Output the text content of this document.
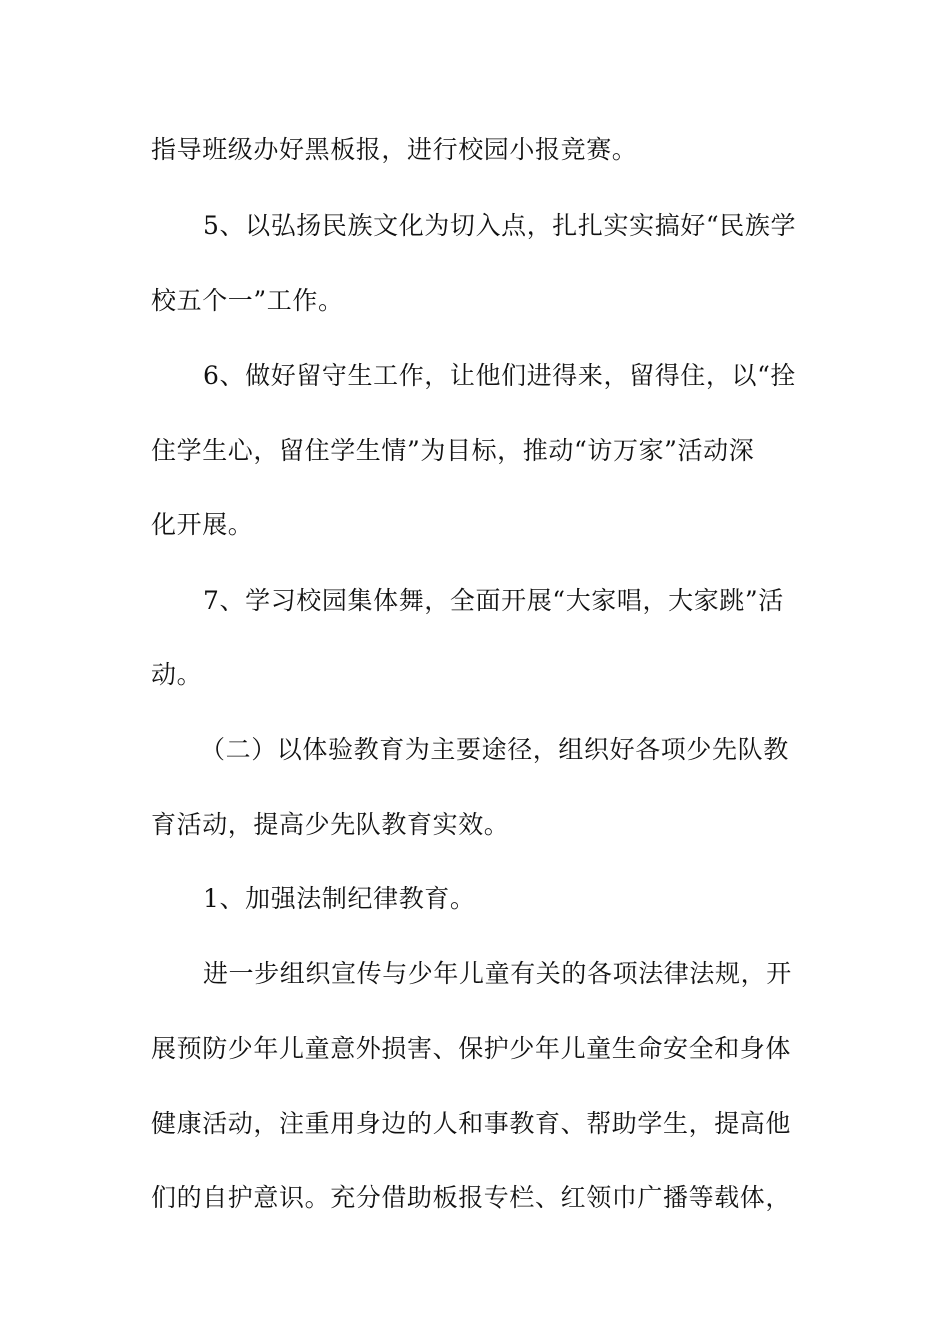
指导班级办好黑板报，进行校园小报竞赛。
5、以弘扬民族文化为切入点，扎扎实实搞好“民族学
校五个一”工作。
6、做好留守生工作，让他们进得来，留得住，以“拴
住学生心，留住学生情”为目标，推动“访万家”活动深
化开展。
7、学习校园集体舞，全面开展“大家唱，大家跳”活
动。
（二）以体验教育为主要途径，组织好各项少先队教
育活动，提高少先队教育实效。
1、加强法制纪律教育。
进一步组织宣传与少年儿童有关的各项法律法规，开
展预防少年儿童意外损害、保护少年儿童生命安全和身体
健康活动，注重用身边的人和事教育、帮助学生，提高他
们的自护意识。充分借助板报专栏、红领巾广播等载体，
